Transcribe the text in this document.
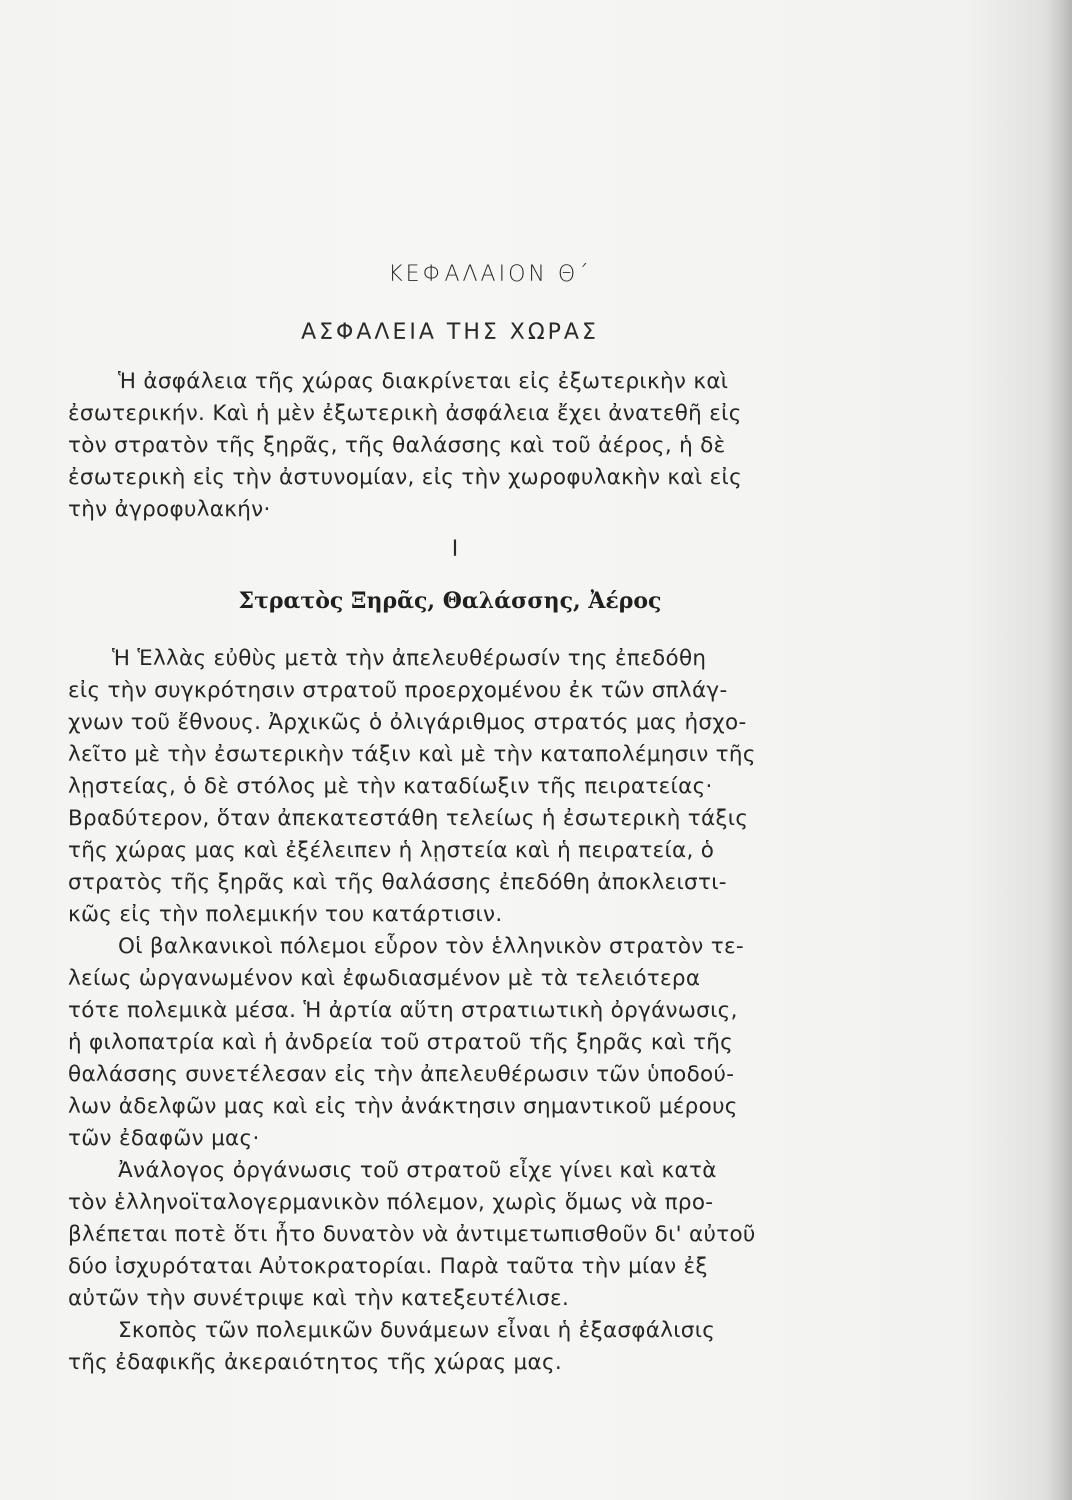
ΚΕΦΑΛΑΙΟΝ Θ΄
ΑΣΦΑΛΕΙΑ ΤΗΣ ΧΩΡΑΣ
Ἡ ἀσφάλεια τῆς χώρας διακρίνεται εἰς ἐξωτερικὴν καὶ
ἐσωτερικήν. Καὶ ἡ μὲν ἐξωτερικὴ ἀσφάλεια ἔχει ἀνατεθῆ εἰς
τὸν στρατὸν τῆς ξηρᾶς, τῆς θαλάσσης καὶ τοῦ ἀέρος, ἡ δὲ
ἐσωτερικὴ εἰς τὴν ἀστυνομίαν, εἰς τὴν χωροφυλακὴν καὶ εἰς
τὴν ἀγροφυλακήν·
Ι
Στρατὸς Ξηρᾶς, Θαλάσσης, Ἀέρος
Ἡ Ἑλλὰς εὐθὺς μετὰ τὴν ἀπελευθέρωσίν της ἐπεδόθη
εἰς τὴν συγκρότησιν στρατοῦ προερχομένου ἐκ τῶν σπλάγ-
χνων τοῦ ἔθνους. Ἀρχικῶς ὁ ὀλιγάριθμος στρατός μας ἠσχο-
λεῖτο μὲ τὴν ἐσωτερικὴν τάξιν καὶ μὲ τὴν καταπολέμησιν τῆς
λῃστείας, ὁ δὲ στόλος μὲ τὴν καταδίωξιν τῆς πειρατείας·
Βραδύτερον, ὅταν ἀπεκατεστάθη τελείως ἡ ἐσωτερικὴ τάξις
τῆς χώρας μας καὶ ἐξέλειπεν ἡ λῃστεία καὶ ἡ πειρατεία, ὁ
στρατὸς τῆς ξηρᾶς καὶ τῆς θαλάσσης ἐπεδόθη ἀποκλειστι-
κῶς εἰς τὴν πολεμικήν του κατάρτισιν.
Οἱ βαλκανικοὶ πόλεμοι εὗρον τὸν ἑλληνικὸν στρατὸν τε-
λείως ὠργανωμένον καὶ ἐφωδιασμένον μὲ τὰ τελειότερα
τότε πολεμικὰ μέσα. Ἡ ἀρτία αὕτη στρατιωτικὴ ὀργάνωσις,
ἡ φιλοπατρία καὶ ἡ ἀνδρεία τοῦ στρατοῦ τῆς ξηρᾶς καὶ τῆς
θαλάσσης συνετέλεσαν εἰς τὴν ἀπελευθέρωσιν τῶν ὑποδού-
λων ἀδελφῶν μας καὶ εἰς τὴν ἀνάκτησιν σημαντικοῦ μέρους
τῶν ἐδαφῶν μας·
Ἀνάλογος ὀργάνωσις τοῦ στρατοῦ εἶχε γίνει καὶ κατὰ
τὸν ἑλληνοϊταλογερμανικὸν πόλεμον, χωρὶς ὅμως νὰ προ-
βλέπεται ποτὲ ὅτι ἦτο δυνατὸν νὰ ἀντιμετωπισθοῦν δι' αὐτοῦ
δύο ἰσχυρόταται Αὐτοκρατορίαι. Παρὰ ταῦτα τὴν μίαν ἐξ
αὐτῶν τὴν συνέτριψε καὶ τὴν κατεξευτέλισε.
Σκοπὸς τῶν πολεμικῶν δυνάμεων εἶναι ἡ ἐξασφάλισις
τῆς ἐδαφικῆς ἀκεραιότητος τῆς χώρας μας.
